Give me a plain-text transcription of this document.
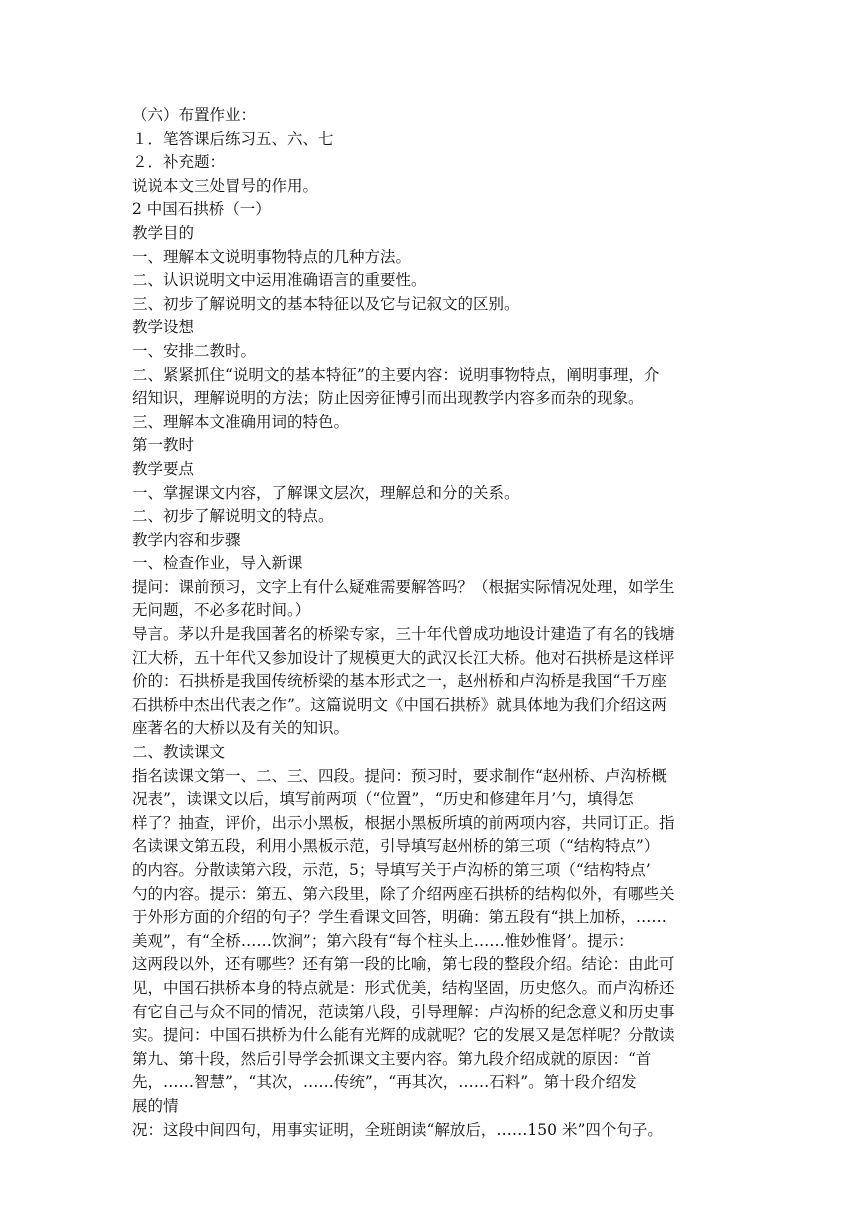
（六）布置作业：
１．笔答课后练习五、六、七
２．补充题：
说说本文三处冒号的作用。
2 中国石拱桥（一）
教学目的
一、理解本文说明事物特点的几种方法。
二、认识说明文中运用准确语言的重要性。
三、初步了解说明文的基本特征以及它与记叙文的区别。
教学设想
一、安排二教时。
二、紧紧抓住“说明文的基本特征”的主要内容：说明事物特点，阐明事理，介
绍知识，理解说明的方法；防止因旁征博引而出现教学内容多而杂的现象。
三、理解本文准确用词的特色。
第一教时
教学要点
一、掌握课文内容，了解课文层次，理解总和分的关系。
二、初步了解说明文的特点。
教学内容和步骤
一、检查作业，导入新课
提问：课前预习，文字上有什么疑难需要解答吗？（根据实际情况处理，如学生
无问题，不必多花时间。）
导言。茅以升是我国著名的桥梁专家，三十年代曾成功地设计建造了有名的钱塘
江大桥，五十年代又参加设计了规模更大的武汉长江大桥。他对石拱桥是这样评
价的：石拱桥是我国传统桥梁的基本形式之一，赵州桥和卢沟桥是我国“千万座
石拱桥中杰出代表之作”。这篇说明文《中国石拱桥》就具体地为我们介绍这两
座著名的大桥以及有关的知识。
二、教读课文
指名读课文第一、二、三、四段。提问：预习时，要求制作“赵州桥、卢沟桥概
况表”，读课文以后，填写前两项（“位置”，“历史和修建年月’勺，填得怎
样了？抽查，评价，出示小黑板，根据小黑板所填的前两项内容，共同订正。指
名读课文第五段，利用小黑板示范，引导填写赵州桥的第三项（“结构特点”）
的内容。分散读第六段，示范，5；导填写关于卢沟桥的第三项（“结构特点’
勺的内容。提示：第五、第六段里，除了介绍两座石拱桥的结构似外，有哪些关
于外形方面的介绍的句子？学生看课文回答，明确：第五段有“拱上加桥，……
美观”，有“全桥……饮涧”；第六段有“每个柱头上……惟妙惟肾’。提示：
这两段以外，还有哪些？还有第一段的比喻，第七段的整段介绍。结论：由此可
见，中国石拱桥本身的特点就是：形式优美，结构坚固，历史悠久。而卢沟桥还
有它自己与众不同的情况，范读第八段，引导理解：卢沟桥的纪念意义和历史事
实。提问：中国石拱桥为什么能有光辉的成就呢？它的发展又是怎样呢？分散读
第九、第十段，然后引导学会抓课文主要内容。第九段介绍成就的原因：“首
先，……智慧”，“其次，……传统”，“再其次，……石料”。第十段介绍发
展的情
况：这段中间四句，用事实证明，全班朗读“解放后，……150 米”四个句子。
